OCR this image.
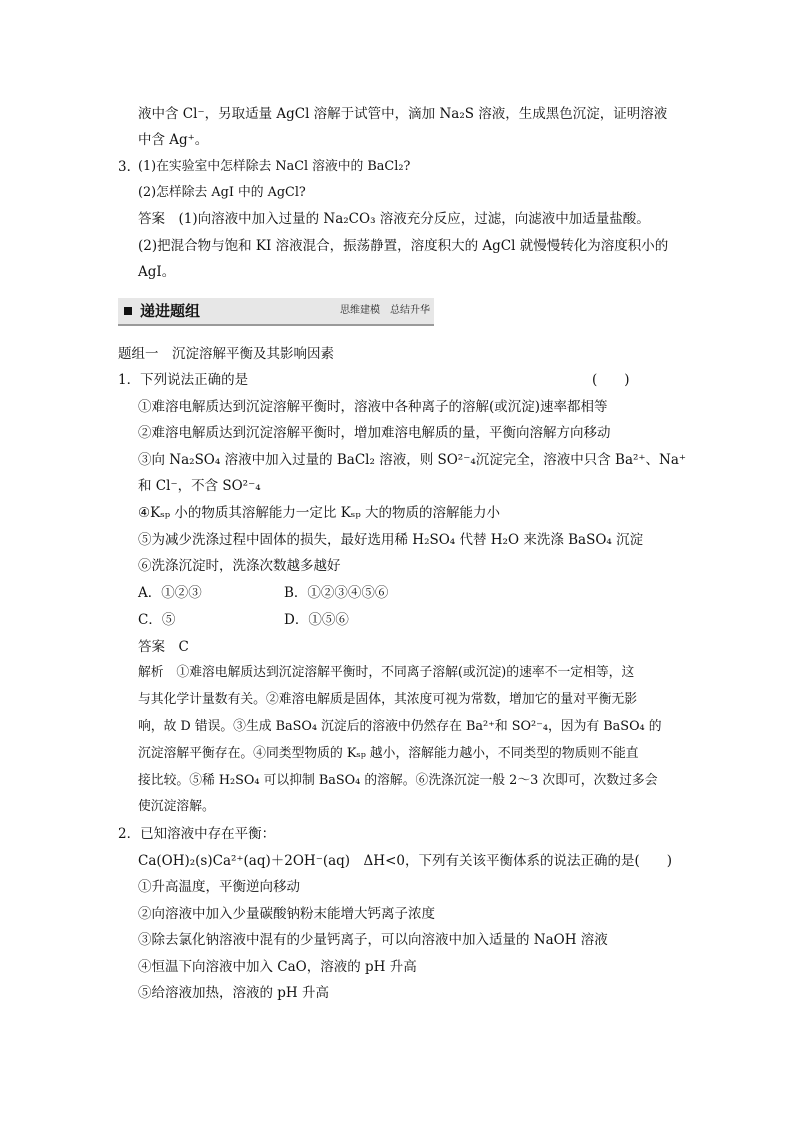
液中含 Cl⁻，另取适量 AgCl 溶解于试管中，滴加 Na₂S 溶液，生成黑色沉淀，证明溶液
中含 Ag⁺。
3．
(1)在实验室中怎样除去 NaCl 溶液中的 BaCl₂?
(2)怎样除去 AgI 中的 AgCl?
答案　(1)向溶液中加入过量的 Na₂CO₃ 溶液充分反应，过滤，向滤液中加适量盐酸。
(2)把混合物与饱和 KI 溶液混合，振荡静置，溶度积大的 AgCl 就慢慢转化为溶度积小的
AgI。
递进题组	思维建模　总结升华
题组一　沉淀溶解平衡及其影响因素
1．下列说法正确的是	(　　)
①难溶电解质达到沉淀溶解平衡时，溶液中各种离子的溶解(或沉淀)速率都相等
②难溶电解质达到沉淀溶解平衡时，增加难溶电解质的量，平衡向溶解方向移动
③向 Na₂SO₄ 溶液中加入过量的 BaCl₂ 溶液，则 SO²⁻₄沉淀完全，溶液中只含 Ba²⁺、Na⁺
和 Cl⁻，不含 SO²⁻₄
④Kₛₚ 小的物质其溶解能力一定比 Kₛₚ 大的物质的溶解能力小
⑤为减少洗涤过程中固体的损失，最好选用稀 H₂SO₄ 代替 H₂O 来洗涤 BaSO₄ 沉淀
⑥洗涤沉淀时，洗涤次数越多越好
A．①②③	B．①②③④⑤⑥
C．⑤	D．①⑤⑥
答案　C
解析　①难溶电解质达到沉淀溶解平衡时，不同离子溶解(或沉淀)的速率不一定相等，这
与其化学计量数有关。②难溶电解质是固体，其浓度可视为常数，增加它的量对平衡无影
响，故 D 错误。③生成 BaSO₄ 沉淀后的溶液中仍然存在 Ba²⁺和 SO²⁻₄，因为有 BaSO₄ 的
沉淀溶解平衡存在。④同类型物质的 Kₛₚ 越小，溶解能力越小，不同类型的物质则不能直
接比较。⑤稀 H₂SO₄ 可以抑制 BaSO₄ 的溶解。⑥洗涤沉淀一般 2～3 次即可，次数过多会
使沉淀溶解。
2．已知溶液中存在平衡：
Ca(OH)₂(s)Ca²⁺(aq)＋2OH⁻(aq)　ΔH<0，下列有关该平衡体系的说法正确的是(　　)
①升高温度，平衡逆向移动
②向溶液中加入少量碳酸钠粉末能增大钙离子浓度
③除去氯化钠溶液中混有的少量钙离子，可以向溶液中加入适量的 NaOH 溶液
④恒温下向溶液中加入 CaO，溶液的 pH 升高
⑤给溶液加热，溶液的 pH 升高
